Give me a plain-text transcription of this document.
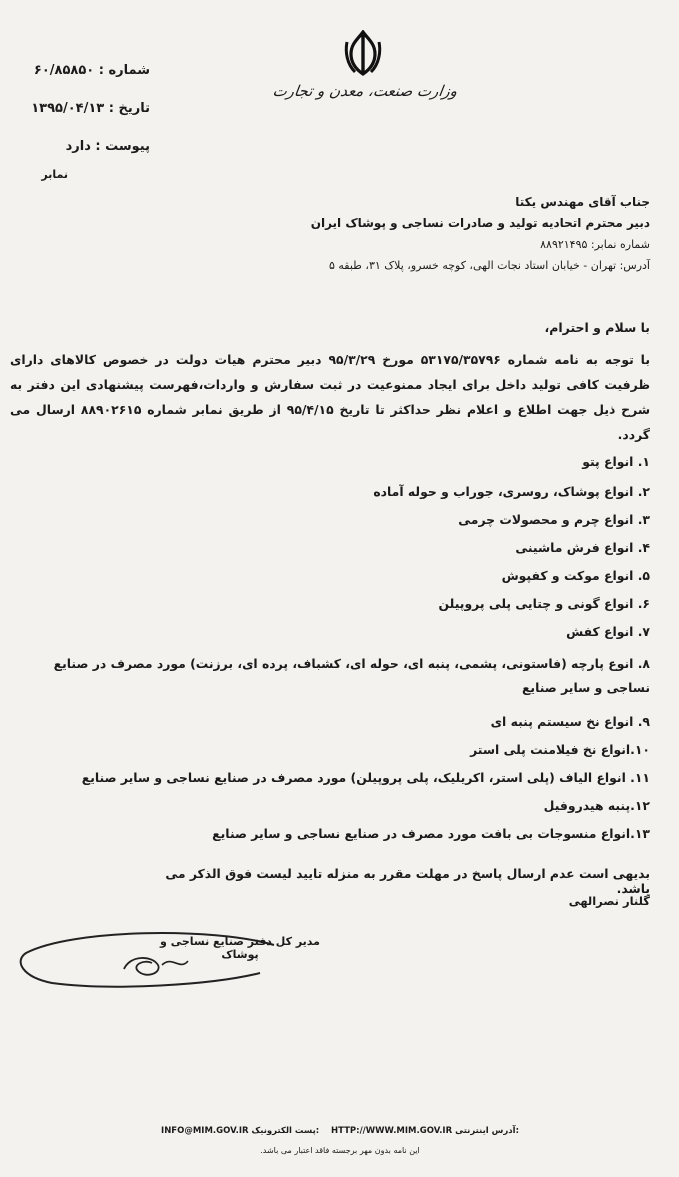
وزارت صنعت، معدن و تجارت
شماره : ۶۰/۸۵۸۵۰
تاریخ : ۱۳۹۵/۰۴/۱۳
پیوست : دارد
نمابر
جناب آقای مهندس یکتا
دبیر محترم اتحادیه تولید و صادرات نساجی و پوشاک ایران
شماره نمابر: ۸۸۹۲۱۴۹۵
آدرس: تهران - خیابان استاد نجات الهی، کوچه خسرو، پلاک ۳۱، طبقه ۵
با سلام و احترام،
با توجه به نامه شماره ۵۳۱۷۵/۳۵۷۹۶ مورخ ۹۵/۳/۲۹ دبیر محترم هیات دولت در خصوص کالاهای دارای ظرفیت کافی تولید داخل برای ایجاد ممنوعیت در ثبت سفارش و واردات،فهرست پیشنهادی این دفتر به شرح ذیل جهت اطلاع و اعلام نظر حداکثر تا تاریخ ۹۵/۴/۱۵ از طریق نمابر شماره ۸۸۹۰۲۶۱۵ ارسال می گردد.
۱. انواع پتو
۲. انواع پوشاک، روسری، جوراب و حوله آماده
۳. انواع چرم و محصولات چرمی
۴. انواع فرش ماشینی
۵. انواع موکت و کفپوش
۶. انواع گونی و چتایی پلی پروپیلن
۷. انواع کفش
۸. انوع پارچه (فاستونی، پشمی، پنبه ای، حوله ای، کشباف، پرده ای، برزنت) مورد مصرف در صنایع نساجی و سایر صنایع
۹. انواع نخ سیستم پنبه ای
۱۰.انواع نخ فیلامنت پلی استر
۱۱. انواع الیاف (پلی استر، اکریلیک، پلی پروپیلن) مورد مصرف در صنایع نساجی و سایر صنایع
۱۲.پنبه هیدروفیل
۱۳.انواع منسوجات بی بافت مورد مصرف در صنایع نساجی و سایر صنایع
بدیهی است عدم ارسال پاسخ در مهلت مقرر به منزله تایید لیست فوق الذکر می باشد.
گلنار نصرالهی
مدیر کل دفتر صنایع نساجی و پوشاک
INFO@MIM.GOV.IR پست الکترونیک: HTTP://WWW.MIM.GOV.IR آدرس اینترنتی:
این نامه بدون مهر برجسته فاقد اعتبار می باشد.
